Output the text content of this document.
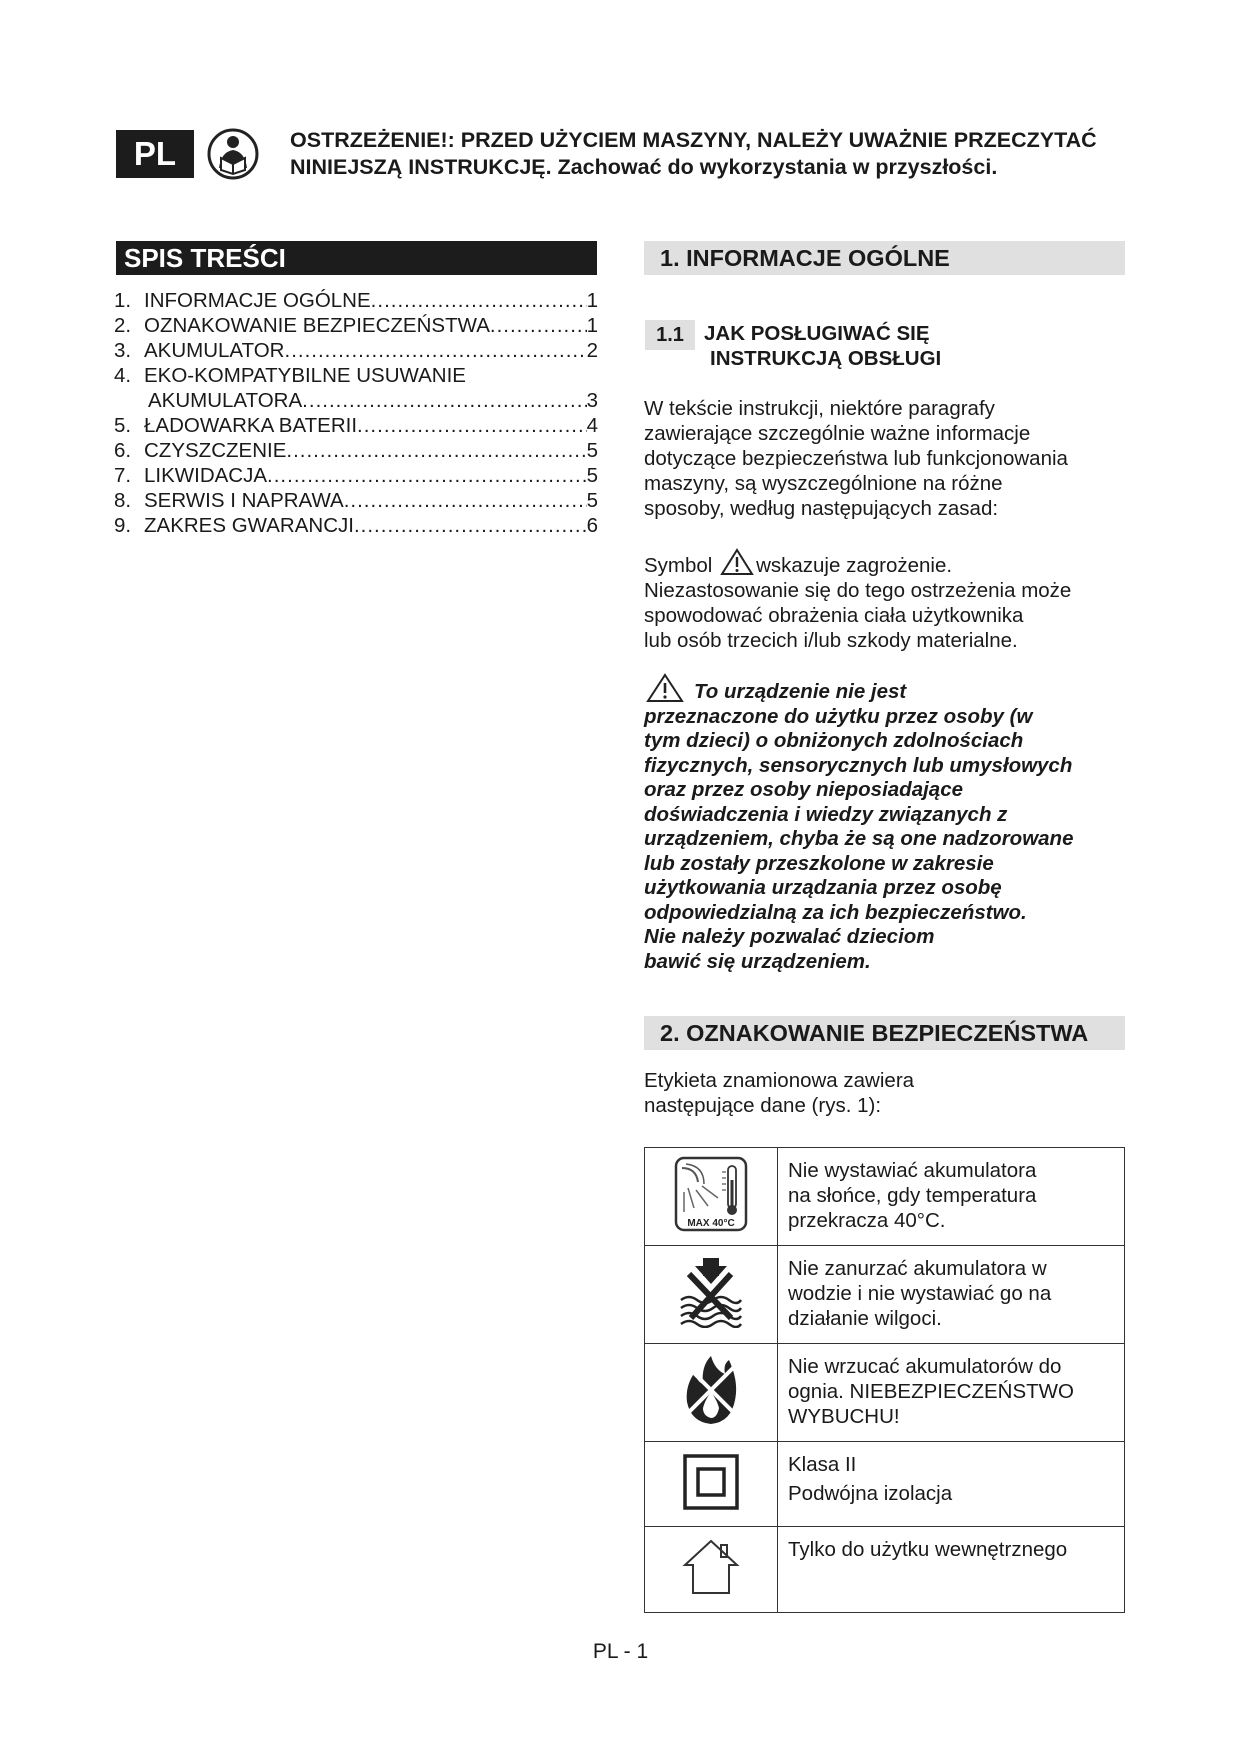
PL	OSTRZEŻENIE!: PRZED UŻYCIEM MASZYNY, NALEŻY UWAŻNIE PRZECZYTAĆ
NINIEJSZĄ INSTRUKCJĘ. Zachować do wykorzystania w przyszłości.
SPIS TREŚCI
1. INFORMACJE OGÓLNE .....	1
2. OZNAKOWANIE BEZPIECZEŃSTWA .....	1
3. AKUMULATOR .....	2
4. EKO-KOMPATYBILNE USUWANIE
AKUMULATORA .....	3
5. ŁADOWARKA BATERII .....	4
6. CZYSZCZENIE .....	5
7. LIKWIDACJA .....	5
8. SERWIS I NAPRAWA .....	5
9. ZAKRES GWARANCJI .....	6
1. INFORMACJE OGÓLNE
1.1 JAK POSŁUGIWAĆ SIĘ
INSTRUKCJĄ OBSŁUGI
W tekście instrukcji, niektóre paragrafy
zawierające szczególnie ważne informacje
dotyczące bezpieczeństwa lub funkcjonowania
maszyny, są wyszczególnione na różne
sposoby, według następujących zasad:
Symbol wskazuje zagrożenie.
Niezastosowanie się do tego ostrzeżenia może
spowodować obrażenia ciała użytkownika
lub osób trzecich i/lub szkody materialne.
To urządzenie nie jest
przeznaczone do użytku przez osoby (w
tym dzieci) o obniżonych zdolnościach
fizycznych, sensorycznych lub umysłowych
oraz przez osoby nieposiadające
doświadczenia i wiedzy związanych z
urządzeniem, chyba że są one nadzorowane
lub zostały przeszkolone w zakresie
użytkowania urządzania przez osobę
odpowiedzialną za ich bezpieczeństwo.
Nie należy pozwalać dzieciom
bawić się urządzeniem.
2. OZNAKOWANIE BEZPIECZEŃSTWA
Etykieta znamionowa zawiera
następujące dane (rys. 1):
MAX 40°C	Nie wystawiać akumulatora
na słońce, gdy temperatura
przekracza 40°C.

Nie zanurzać akumulatora w
wodzie i nie wystawiać go na
działanie wilgoci.

Nie wrzucać akumulatorów do
ognia. NIEBEZPIECZEŃSTWO
WYBUCHU!

Klasa II
Podwójna izolacja

Tylko do użytku wewnętrznego
PL - 1
